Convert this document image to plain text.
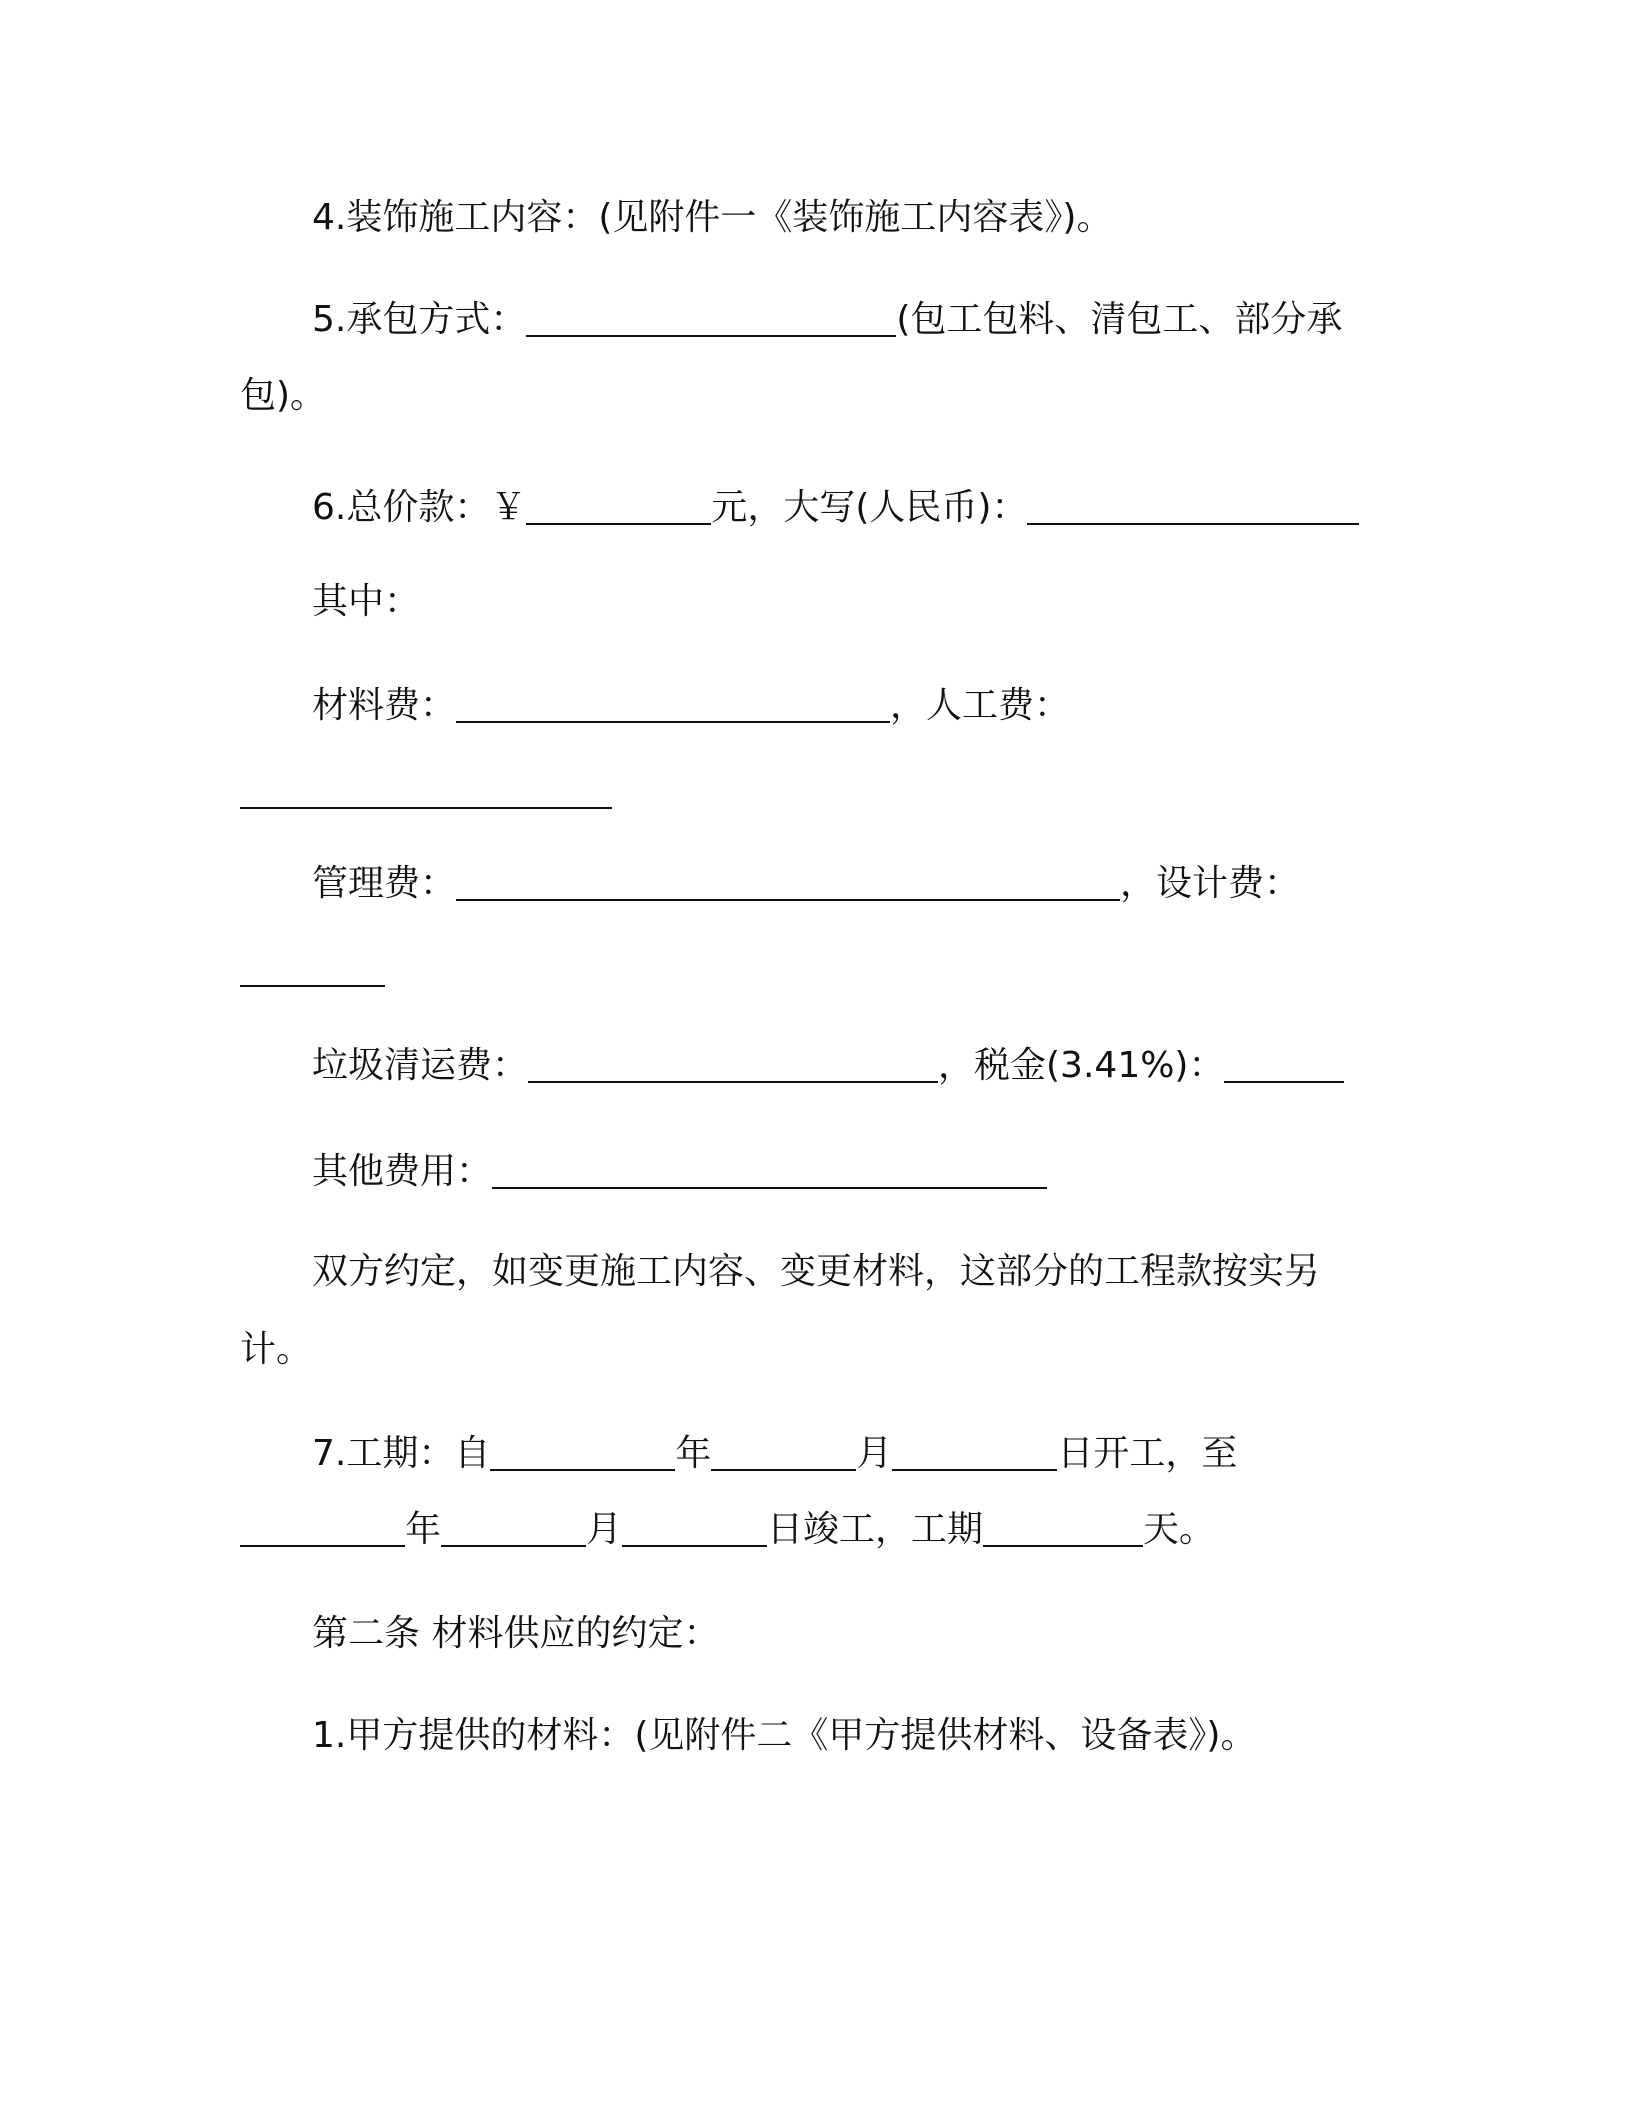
4.装饰施工内容：(见附件一《装饰施工内容表》)。
5.承包方式：	(包工包料、清包工、部分承
包)。
6.总价款：￥	元，大写(人民币)：
其中：
材料费：	，人工费：
管理费：	，设计费：
垃圾清运费：	，税金(3.41%)：
其他费用：
双方约定，如变更施工内容、变更材料，这部分的工程款按实另
计。
7.工期：自	年	月	日开工，至
年	月	日竣工，工期	天。
第二条 材料供应的约定：
1.甲方提供的材料：(见附件二《甲方提供材料、设备表》)。
